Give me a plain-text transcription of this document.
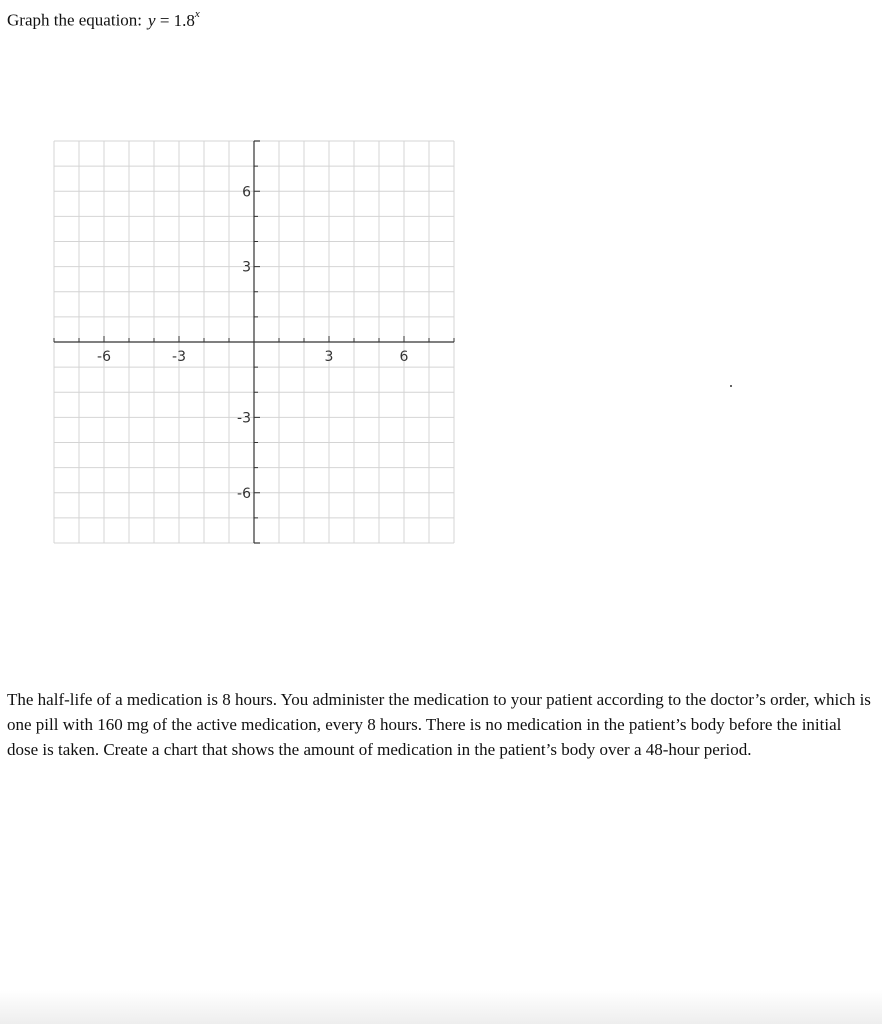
Graph the equation: $y = 1.8^x$
-6	-3	3	6
6
3
-3
-6
The half-life of a medication is 8 hours. You administer the medication to your patient according to the doctor’s order, which is one pill with 160 mg of the active medication, every 8 hours. There is no medication in the patient’s body before the initial dose is taken. Create a chart that shows the amount of medication in the patient’s body over a 48-hour period.
